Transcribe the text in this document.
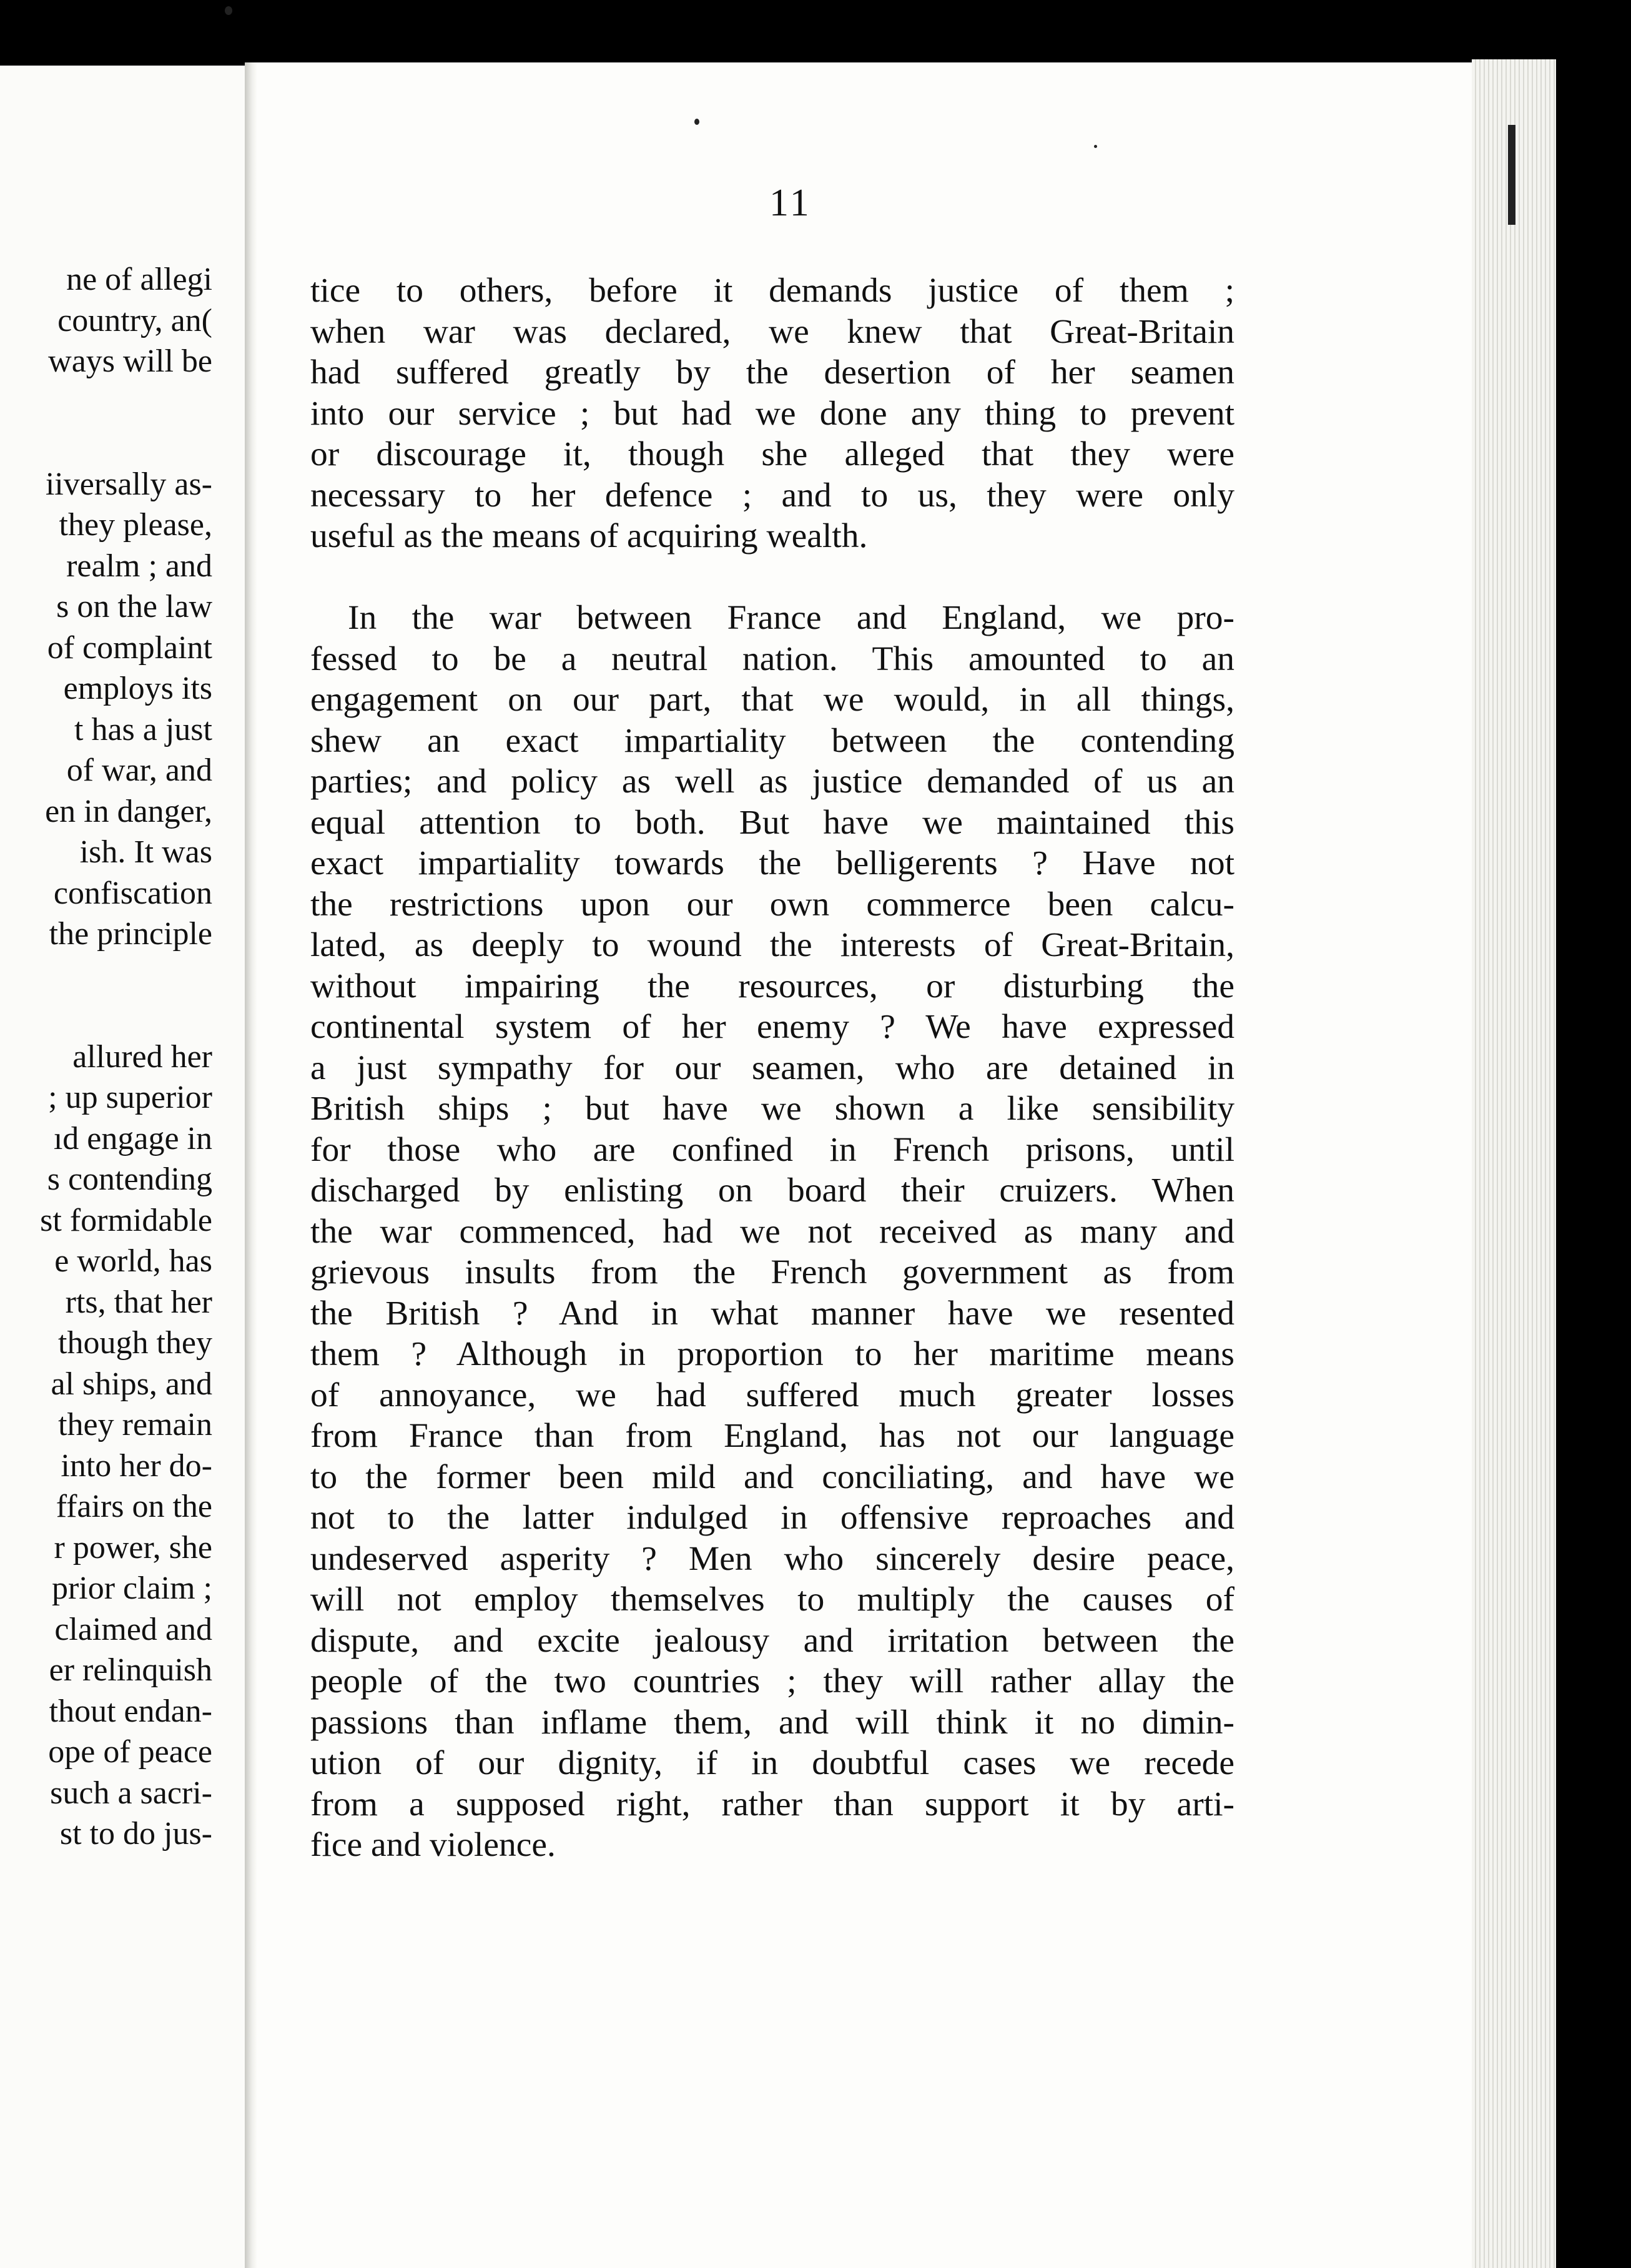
ne of allegi
country, an(
ways will be
iiversally as-
they please,
realm ; and
s on the law
of complaint
employs its
t has a just
of war, and
en in danger,
ish. It was
confiscation
the principle
allured her
; up superior
ıd engage in
s contending
st formidable
e world, has
rts, that her
though they
al ships, and
they remain
into her do-
ffairs on the
r power, she
prior claim ;
claimed and
er relinquish
thout endan-
ope of peace
such a sacri-
st to do jus-
11
tice to others, before it demands justice of them ;
when war was declared, we knew that Great-Britain
had suffered greatly by the desertion of her seamen
into our service ; but had we done any thing to prevent
or discourage it, though she alleged that they were
necessary to her defence ; and to us, they were only
useful as the means of acquiring wealth.
In the war between France and England, we pro-
fessed to be a neutral nation. This amounted to an
engagement on our part, that we would, in all things,
shew an exact impartiality between the contending
parties; and policy as well as justice demanded of us an
equal attention to both. But have we maintained this
exact impartiality towards the belligerents ? Have not
the restrictions upon our own commerce been calcu-
lated, as deeply to wound the interests of Great-Britain,
without impairing the resources, or disturbing the
continental system of her enemy ? We have expressed
a just sympathy for our seamen, who are detained in
British ships ; but have we shown a like sensibility
for those who are confined in French prisons, until
discharged by enlisting on board their cruizers. When
the war commenced, had we not received as many and
grievous insults from the French government as from
the British ? And in what manner have we resented
them ? Although in proportion to her maritime means
of annoyance, we had suffered much greater losses
from France than from England, has not our language
to the former been mild and conciliating, and have we
not to the latter indulged in offensive reproaches and
undeserved asperity ? Men who sincerely desire peace,
will not employ themselves to multiply the causes of
dispute, and excite jealousy and irritation between the
people of the two countries ; they will rather allay the
passions than inflame them, and will think it no dimin-
ution of our dignity, if in doubtful cases we recede
from a supposed right, rather than support it by arti-
fice and violence.
